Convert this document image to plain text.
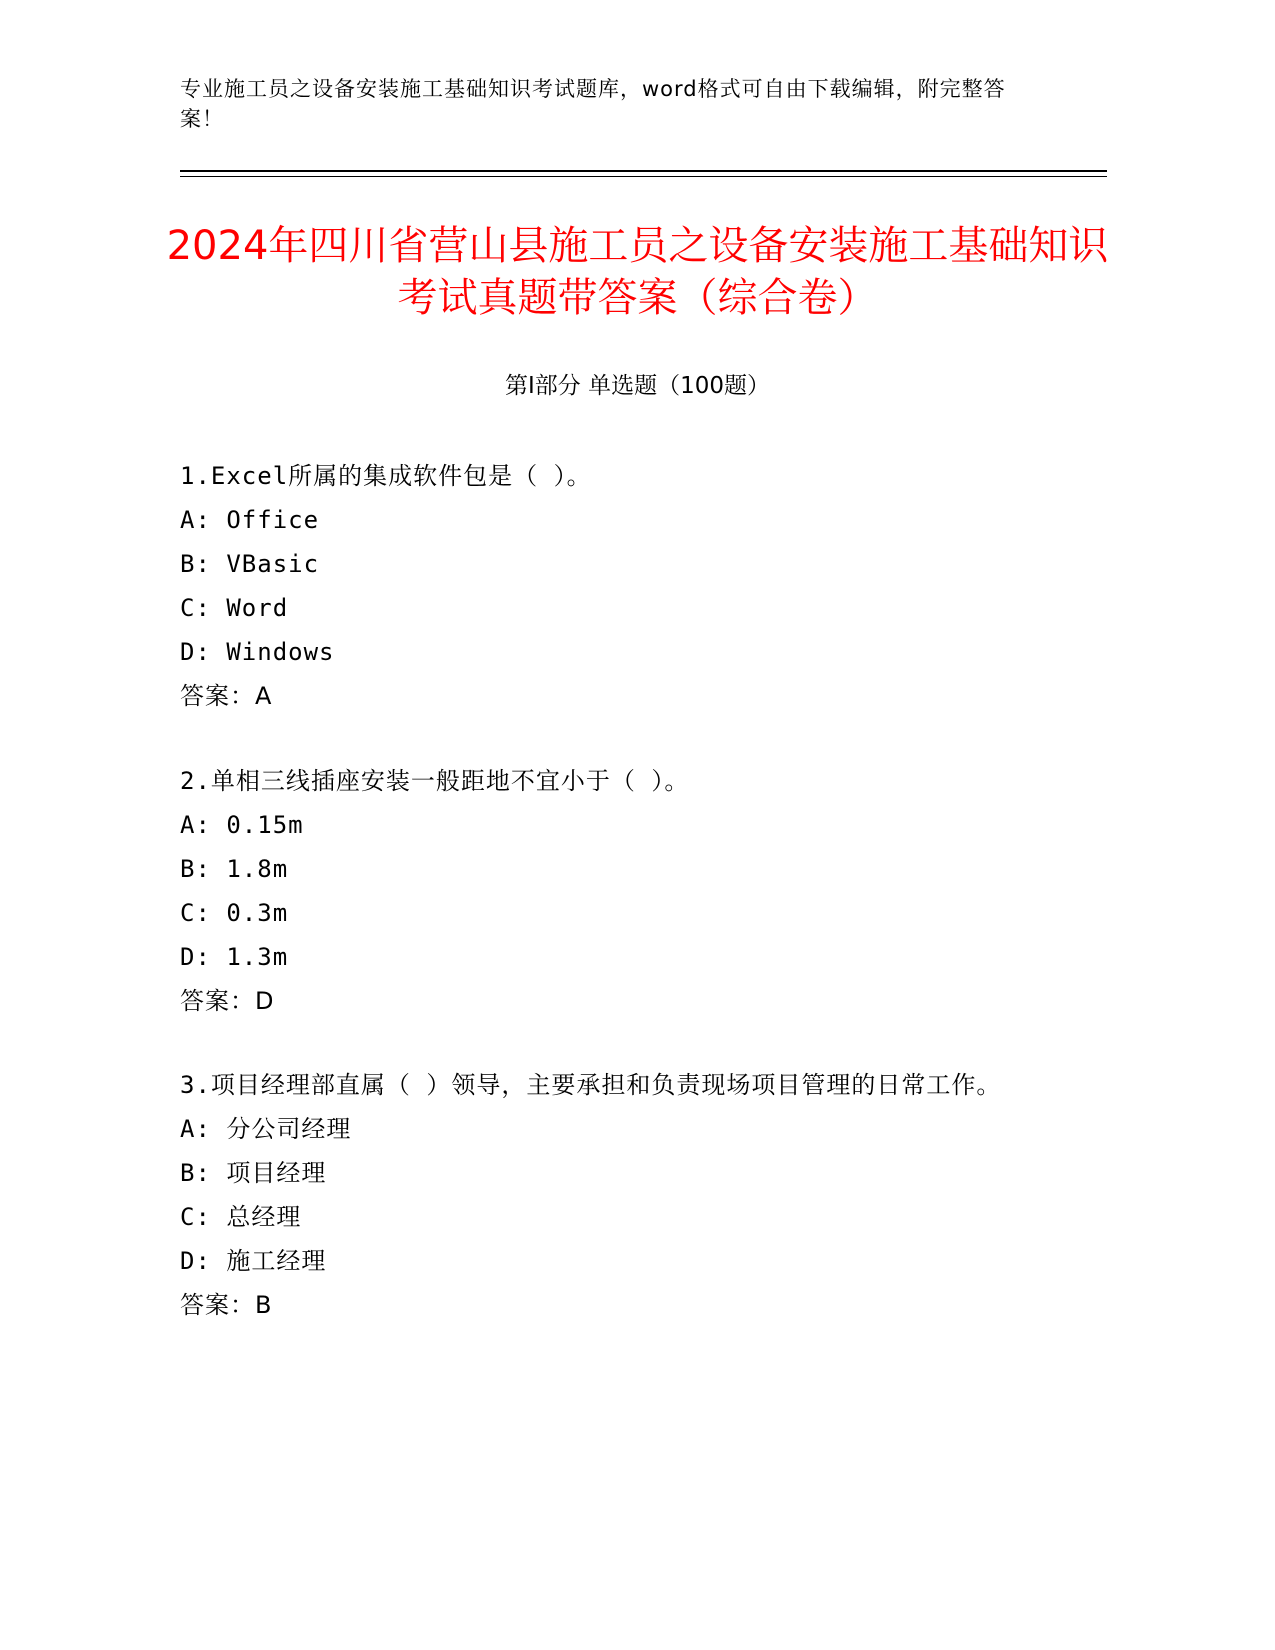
专业施工员之设备安装施工基础知识考试题库，word格式可自由下载编辑，附完整答案！
2024年四川省营山县施工员之设备安装施工基础知识考试真题带答案（综合卷）
第Ⅰ部分 单选题（100题）
1.Excel所属的集成软件包是（ ）。
A: Office
B: VBasic
C: Word
D: Windows
答案：A
2.单相三线插座安装一般距地不宜小于（ ）。
A: 0.15m
B: 1.8m
C: 0.3m
D: 1.3m
答案：D
3.项目经理部直属（ ）领导，主要承担和负责现场项目管理的日常工作。
A: 分公司经理
B: 项目经理
C: 总经理
D: 施工经理
答案：B
